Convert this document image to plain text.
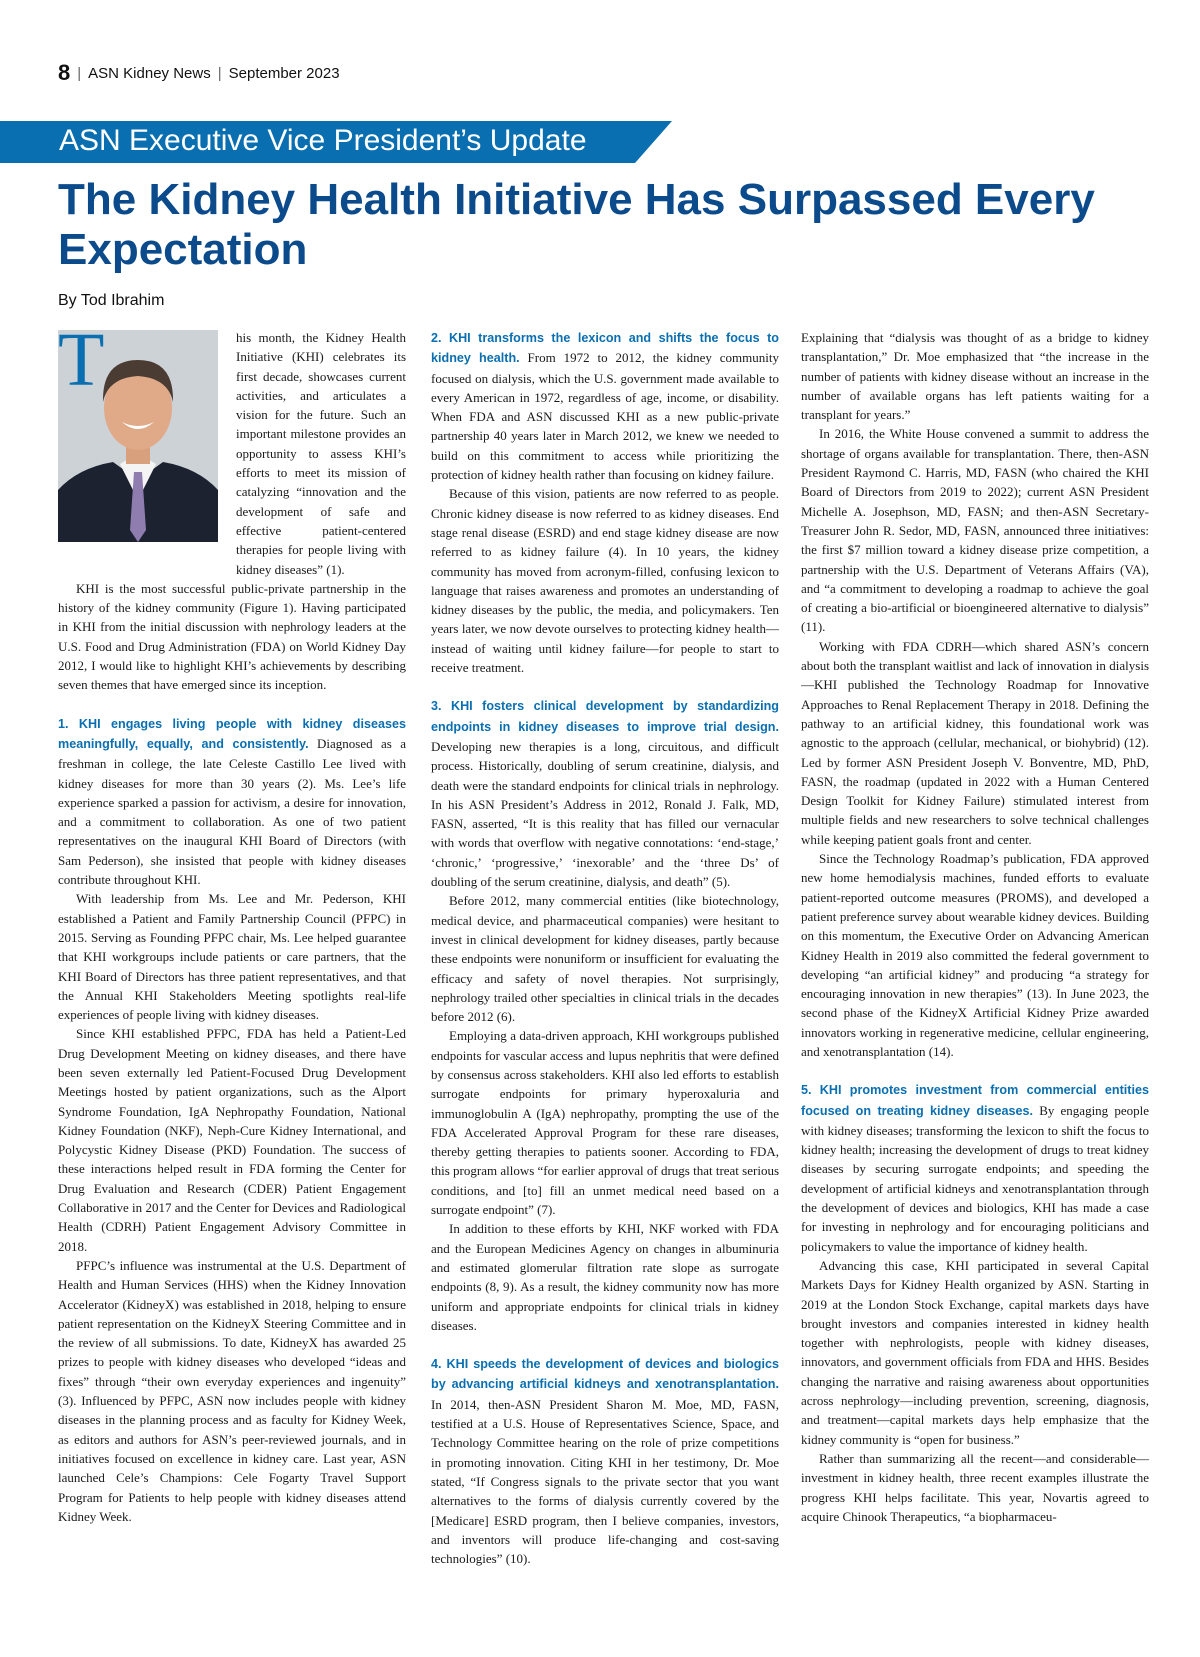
8 | ASN Kidney News | September 2023
ASN Executive Vice President’s Update
The Kidney Health Initiative Has Surpassed Every Expectation
By Tod Ibrahim
T	his month, the Kidney Health Initiative (KHI) celebrates its first decade, showcases current activities, and articulates a vision for the future. Such an important milestone provides an opportunity to assess KHI’s efforts to meet its mission of catalyzing “innovation and the development of safe and effective patient-centered therapies for people living with kidney diseases” (1).

KHI is the most successful public-private partnership in the history of the kidney community (Figure 1). Having participated in KHI from the initial discussion with nephrology leaders at the U.S. Food and Drug Administration (FDA) on World Kidney Day 2012, I would like to highlight KHI’s achievements by describing seven themes that have emerged since its inception.

1. KHI engages living people with kidney diseases meaningfully, equally, and consistently. Diagnosed as a freshman in college, the late Celeste Castillo Lee lived with kidney diseases for more than 30 years (2). Ms. Lee’s life experience sparked a passion for activism, a desire for innovation, and a commitment to collaboration. As one of two patient representatives on the inaugural KHI Board of Directors (with Sam Pederson), she insisted that people with kidney diseases contribute throughout KHI.

With leadership from Ms. Lee and Mr. Pederson, KHI established a Patient and Family Partnership Council (PFPC) in 2015. Serving as Founding PFPC chair, Ms. Lee helped guarantee that KHI workgroups include patients or care partners, that the KHI Board of Directors has three patient representatives, and that the Annual KHI Stakeholders Meeting spotlights real-life experiences of people living with kidney diseases.

Since KHI established PFPC, FDA has held a Patient-Led Drug Development Meeting on kidney diseases, and there have been seven externally led Patient-Focused Drug Development Meetings hosted by patient organizations, such as the Alport Syndrome Foundation, IgA Nephropathy Foundation, National Kidney Foundation (NKF), Neph-Cure Kidney International, and Polycystic Kidney Disease (PKD) Foundation. The success of these interactions helped result in FDA forming the Center for Drug Evaluation and Research (CDER) Patient Engagement Collaborative in 2017 and the Center for Devices and Radiological Health (CDRH) Patient Engagement Advisory Committee in 2018.

PFPC’s influence was instrumental at the U.S. Department of Health and Human Services (HHS) when the Kidney Innovation Accelerator (KidneyX) was established in 2018, helping to ensure patient representation on the KidneyX Steering Committee and in the review of all submissions. To date, KidneyX has awarded 25 prizes to people with kidney diseases who developed “ideas and fixes” through “their own everyday experiences and ingenuity” (3). Influenced by PFPC, ASN now includes people with kidney diseases in the planning process and as faculty for Kidney Week, as editors and authors for ASN’s peer-reviewed journals, and in initiatives focused on excellence in kidney care. Last year, ASN launched Cele’s Champions: Cele Fogarty Travel Support Program for Patients to help people with kidney diseases attend Kidney Week.

2. KHI transforms the lexicon and shifts the focus to kidney health. From 1972 to 2012, the kidney community focused on dialysis, which the U.S. government made available to every American in 1972, regardless of age, income, or disability. When FDA and ASN discussed KHI as a new public-private partnership 40 years later in March 2012, we knew we needed to build on this commitment to access while prioritizing the protection of kidney health rather than focusing on kidney failure.

Because of this vision, patients are now referred to as people. Chronic kidney disease is now referred to as kidney diseases. End stage renal disease (ESRD) and end stage kidney disease are now referred to as kidney failure (4). In 10 years, the kidney community has moved from acronym-filled, confusing lexicon to language that raises awareness and promotes an understanding of kidney diseases by the public, the media, and policymakers. Ten years later, we now devote ourselves to protecting kidney health—instead of waiting until kidney failure—for people to start to receive treatment.

3. KHI fosters clinical development by standardizing endpoints in kidney diseases to improve trial design. Developing new therapies is a long, circuitous, and difficult process. Historically, doubling of serum creatinine, dialysis, and death were the standard endpoints for clinical trials in nephrology. In his ASN President’s Address in 2012, Ronald J. Falk, MD, FASN, asserted, “It is this reality that has filled our vernacular with words that overflow with negative connotations: ‘end-stage,’ ‘chronic,’ ‘progressive,’ ‘inexorable’ and the ‘three Ds’ of doubling of the serum creatinine, dialysis, and death” (5).

Before 2012, many commercial entities (like biotechnology, medical device, and pharmaceutical companies) were hesitant to invest in clinical development for kidney diseases, partly because these endpoints were nonuniform or insufficient for evaluating the efficacy and safety of novel therapies. Not surprisingly, nephrology trailed other specialties in clinical trials in the decades before 2012 (6).

Employing a data-driven approach, KHI workgroups published endpoints for vascular access and lupus nephritis that were defined by consensus across stakeholders. KHI also led efforts to establish surrogate endpoints for primary hyperoxaluria and immunoglobulin A (IgA) nephropathy, prompting the use of the FDA Accelerated Approval Program for these rare diseases, thereby getting therapies to patients sooner. According to FDA, this program allows “for earlier approval of drugs that treat serious conditions, and [to] fill an unmet medical need based on a surrogate endpoint” (7).

In addition to these efforts by KHI, NKF worked with FDA and the European Medicines Agency on changes in albuminuria and estimated glomerular filtration rate slope as surrogate endpoints (8, 9). As a result, the kidney community now has more uniform and appropriate endpoints for clinical trials in kidney diseases.

4. KHI speeds the development of devices and biologics by advancing artificial kidneys and xenotransplantation. In 2014, then-ASN President Sharon M. Moe, MD, FASN, testified at a U.S. House of Representatives Science, Space, and Technology Committee hearing on the role of prize competitions in promoting innovation. Citing KHI in her testimony, Dr. Moe stated, “If Congress signals to the private sector that you want alternatives to the forms of dialysis currently covered by the [Medicare] ESRD program, then I believe companies, investors, and inventors will produce life-changing and cost-saving technologies” (10).

Explaining that “dialysis was thought of as a bridge to kidney transplantation,” Dr. Moe emphasized that “the increase in the number of patients with kidney disease without an increase in the number of available organs has left patients waiting for a transplant for years.”

In 2016, the White House convened a summit to address the shortage of organs available for transplantation. There, then-ASN President Raymond C. Harris, MD, FASN (who chaired the KHI Board of Directors from 2019 to 2022); current ASN President Michelle A. Josephson, MD, FASN; and then-ASN Secretary-Treasurer John R. Sedor, MD, FASN, announced three initiatives: the first $7 million toward a kidney disease prize competition, a partnership with the U.S. Department of Veterans Affairs (VA), and “a commitment to developing a roadmap to achieve the goal of creating a bio-artificial or bioengineered alternative to dialysis” (11).

Working with FDA CDRH—which shared ASN’s concern about both the transplant waitlist and lack of innovation in dialysis—KHI published the Technology Roadmap for Innovative Approaches to Renal Replacement Therapy in 2018. Defining the pathway to an artificial kidney, this foundational work was agnostic to the approach (cellular, mechanical, or biohybrid) (12). Led by former ASN President Joseph V. Bonventre, MD, PhD, FASN, the roadmap (updated in 2022 with a Human Centered Design Toolkit for Kidney Failure) stimulated interest from multiple fields and new researchers to solve technical challenges while keeping patient goals front and center.

Since the Technology Roadmap’s publication, FDA approved new home hemodialysis machines, funded efforts to evaluate patient-reported outcome measures (PROMS), and developed a patient preference survey about wearable kidney devices. Building on this momentum, the Executive Order on Advancing American Kidney Health in 2019 also committed the federal government to developing “an artificial kidney” and producing “a strategy for encouraging innovation in new therapies” (13). In June 2023, the second phase of the KidneyX Artificial Kidney Prize awarded innovators working in regenerative medicine, cellular engineering, and xenotransplantation (14).

5. KHI promotes investment from commercial entities focused on treating kidney diseases. By engaging people with kidney diseases; transforming the lexicon to shift the focus to kidney health; increasing the development of drugs to treat kidney diseases by securing surrogate endpoints; and speeding the development of artificial kidneys and xenotransplantation through the development of devices and biologics, KHI has made a case for investing in nephrology and for encouraging politicians and policymakers to value the importance of kidney health.

Advancing this case, KHI participated in several Capital Markets Days for Kidney Health organized by ASN. Starting in 2019 at the London Stock Exchange, capital markets days have brought investors and companies interested in kidney health together with nephrologists, people with kidney diseases, innovators, and government officials from FDA and HHS. Besides changing the narrative and raising awareness about opportunities across nephrology—including prevention, screening, diagnosis, and treatment—capital markets days help emphasize that the kidney community is “open for business.”

Rather than summarizing all the recent—and considerable—investment in kidney health, three recent examples illustrate the progress KHI helps facilitate. This year, Novartis agreed to acquire Chinook Therapeutics, “a biopharmaceu-
